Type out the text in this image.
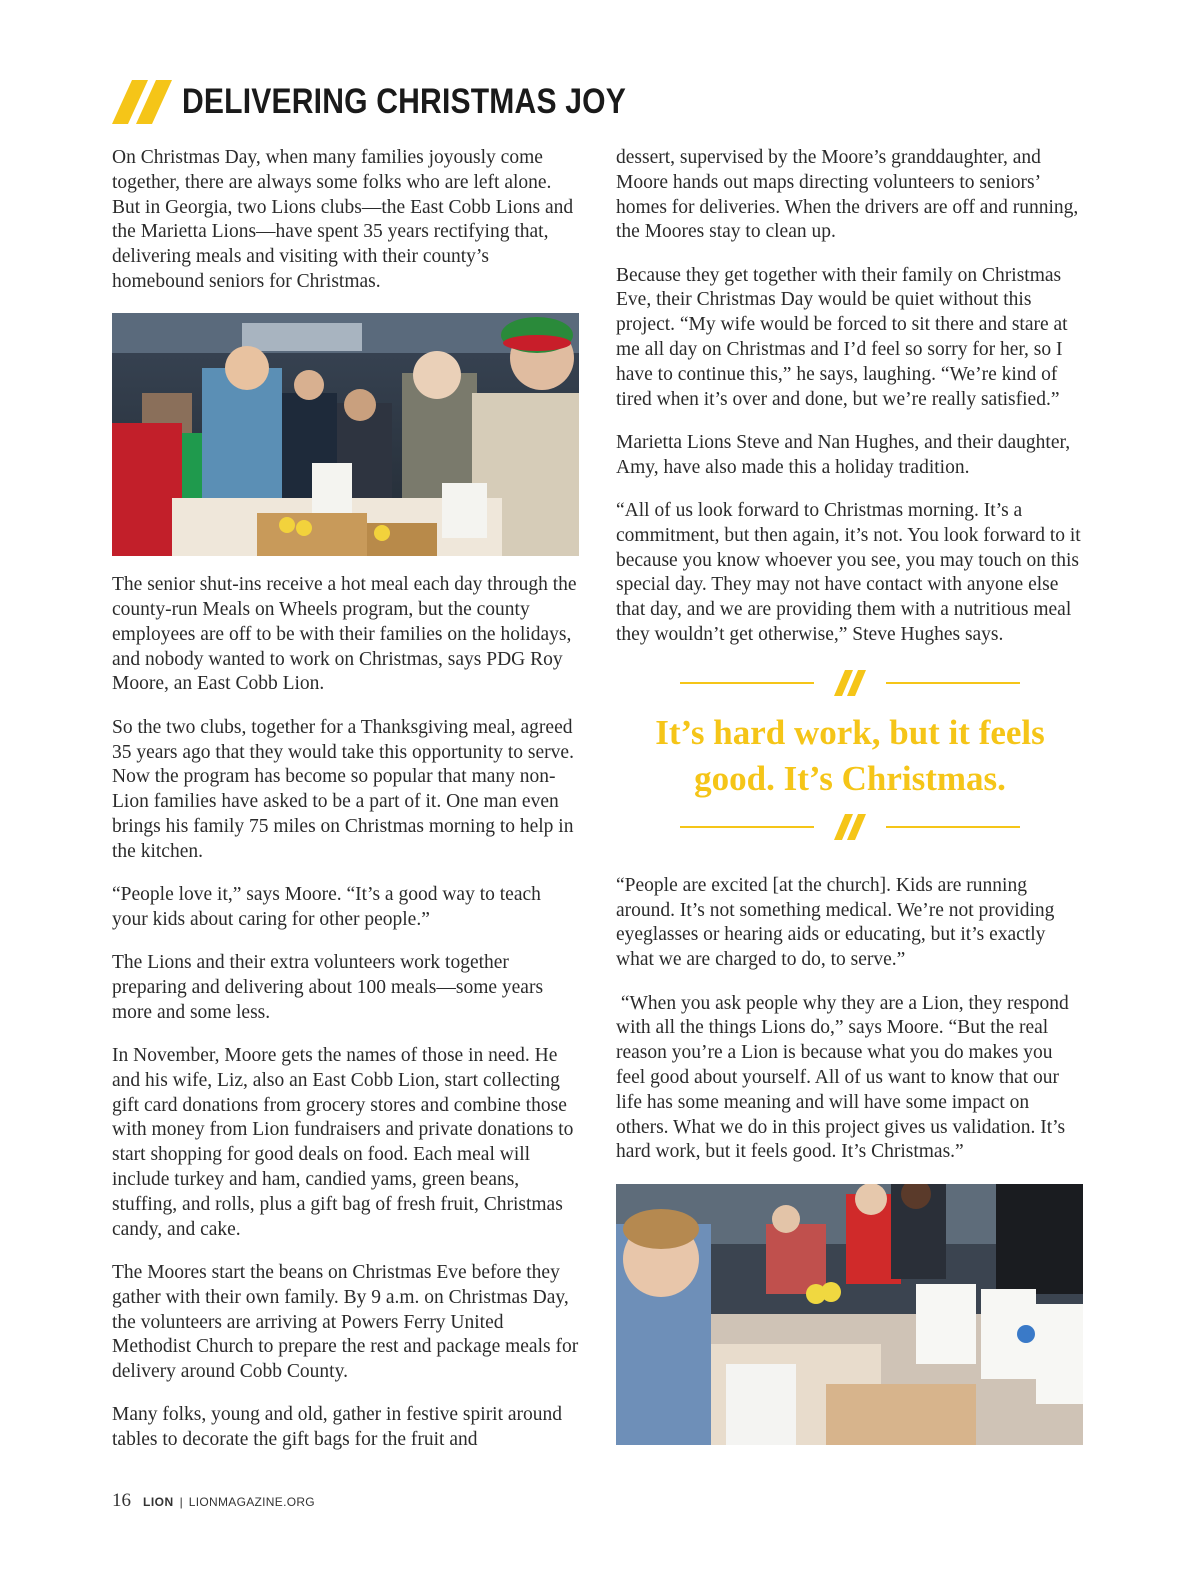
DELIVERING CHRISTMAS JOY

On Christmas Day, when many families joyously come together, there are always some folks who are left alone. But in Georgia, two Lions clubs—the East Cobb Lions and the Marietta Lions—have spent 35 years rectifying that, delivering meals and visiting with their county’s homebound seniors for Christmas.

The senior shut-ins receive a hot meal each day through the county-run Meals on Wheels program, but the county employees are off to be with their families on the holidays, and nobody wanted to work on Christmas, says PDG Roy Moore, an East Cobb Lion.

So the two clubs, together for a Thanksgiving meal, agreed 35 years ago that they would take this opportunity to serve. Now the program has become so popular that many non-Lion families have asked to be a part of it. One man even brings his family 75 miles on Christmas morning to help in the kitchen.

“People love it,” says Moore. “It’s a good way to teach your kids about caring for other people.”

The Lions and their extra volunteers work together preparing and delivering about 100 meals—some years more and some less.

In November, Moore gets the names of those in need. He and his wife, Liz, also an East Cobb Lion, start collecting gift card donations from grocery stores and combine those with money from Lion fundraisers and private donations to start shopping for good deals on food. Each meal will include turkey and ham, candied yams, green beans, stuffing, and rolls, plus a gift bag of fresh fruit, Christmas candy, and cake.

The Moores start the beans on Christmas Eve before they gather with their own family. By 9 a.m. on Christmas Day, the volunteers are arriving at Powers Ferry United Methodist Church to prepare the rest and package meals for delivery around Cobb County.

Many folks, young and old, gather in festive spirit around tables to decorate the gift bags for the fruit and

dessert, supervised by the Moore’s granddaughter, and Moore hands out maps directing volunteers to seniors’ homes for deliveries. When the drivers are off and running, the Moores stay to clean up.

Because they get together with their family on Christmas Eve, their Christmas Day would be quiet without this project. “My wife would be forced to sit there and stare at me all day on Christmas and I’d feel so sorry for her, so I have to continue this,” he says, laughing. “We’re kind of tired when it’s over and done, but we’re really satisfied.”

Marietta Lions Steve and Nan Hughes, and their daughter, Amy, have also made this a holiday tradition.

“All of us look forward to Christmas morning. It’s a commitment, but then again, it’s not. You look forward to it because you know whoever you see, you may touch on this special day. They may not have contact with anyone else that day, and we are providing them with a nutritious meal they wouldn’t get otherwise,” Steve Hughes says.

It’s hard work, but it feels good. It’s Christmas.

“People are excited [at the church]. Kids are running around. It’s not something medical. We’re not providing eyeglasses or hearing aids or educating, but it’s exactly what we are charged to do, to serve.”

“When you ask people why they are a Lion, they respond with all the things Lions do,” says Moore. “But the real reason you’re a Lion is because what you do makes you feel good about yourself. All of us want to know that our life has some meaning and will have some impact on others. What we do in this project gives us validation. It’s hard work, but it feels good. It’s Christmas.”

16 LION | LIONMAGAZINE.ORG
